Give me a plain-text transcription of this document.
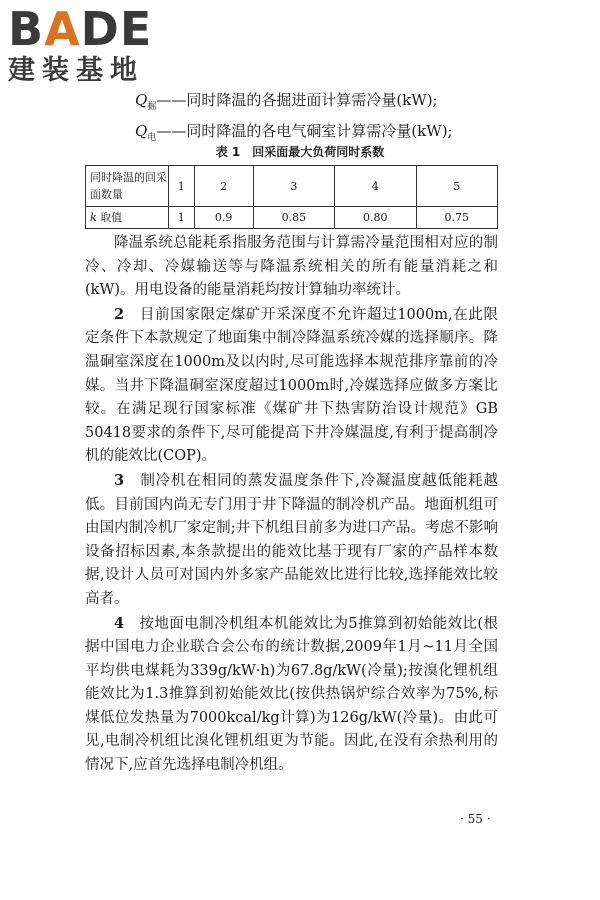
BADE
建装基地
$Q_掘——$同时降温的各掘进面计算需冷量(kW);
$Q_电——$同时降温的各电气硐室计算需冷量(kW);
表 1　回采面最大负荷同时系数
同时降温的回采面数量	1	2	3	4	5
k 取值	1	0.9	0.85	0.80	0.75

降温系统总能耗系指服务范围与计算需冷量范围相对应的制冷、冷却、冷媒输送等与降温系统相关的所有能量消耗之和(kW)。用电设备的能量消耗均按计算轴功率统计。

2　 目前国家限定煤矿开采深度不允许超过1000m,在此限定条件下本款规定了地面集中制冷降温系统冷媒的选择顺序。降温硐室深度在1000m及以内时,尽可能选择本规范排序靠前的冷媒。当井下降温硐室深度超过1000m时,冷媒选择应做多方案比较。在满足现行国家标准《煤矿井下热害防治设计规范》GB 50418要求的条件下,尽可能提高下井冷媒温度,有利于提高制冷机的能效比(COP)。

3　 制冷机在相同的蒸发温度条件下,冷凝温度越低能耗越低。目前国内尚无专门用于井下降温的制冷机产品。地面机组可由国内制冷机厂家定制;井下机组目前多为进口产品。考虑不影响设备招标因素,本条款提出的能效比基于现有厂家的产品样本数据,设计人员可对国内外多家产品能效比进行比较,选择能效比较高者。

4　 按地面电制冷机组本机能效比为5推算到初始能效比(根据中国电力企业联合会公布的统计数据,2009年1月~11月全国平均供电煤耗为339g/kW·h)为67.8g/kW(冷量);按溴化锂机组能效比为1.3推算到初始能效比(按供热锅炉综合效率为75%,标煤低位发热量为7000kcal/kg计算)为126g/kW(冷量)。由此可见,电制冷机组比溴化锂机组更为节能。因此,在没有余热利用的情况下,应首先选择电制冷机组。

· 55 ·
